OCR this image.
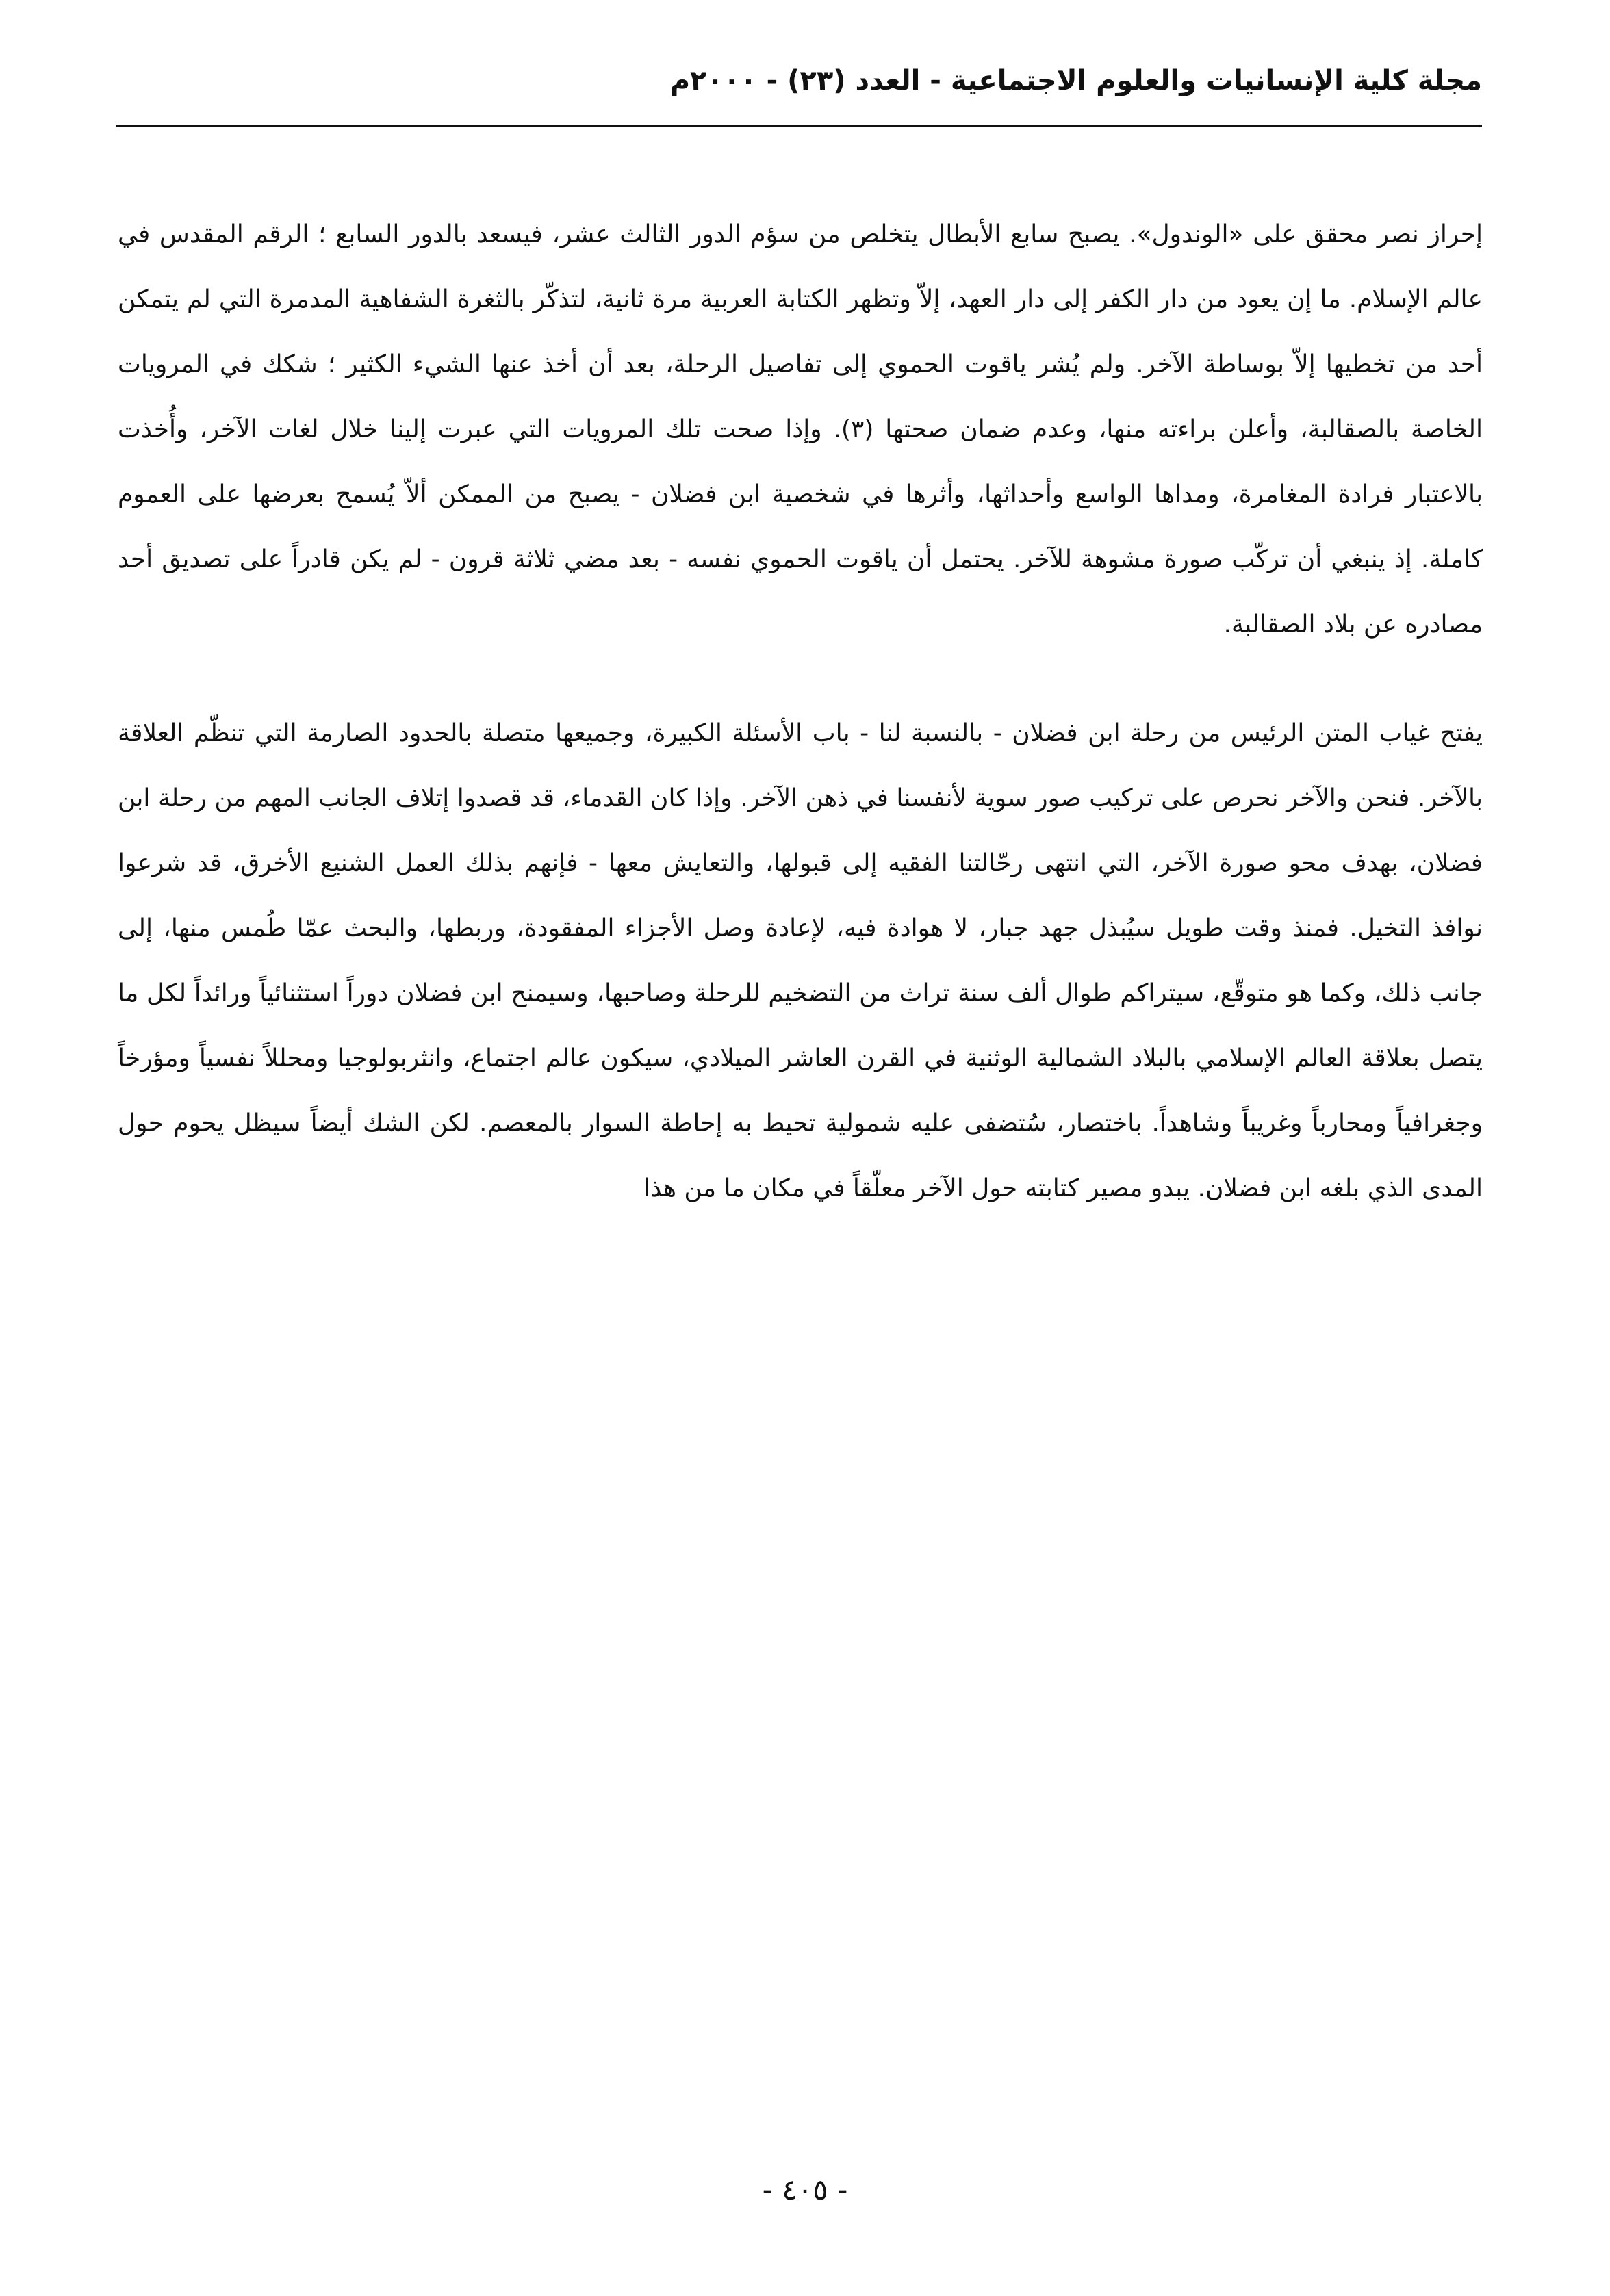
مجلة كلية الإنسانيات والعلوم الاجتماعية - العدد (٢٣) - ٢٠٠٠م

إحراز نصر محقق على «الوندول». يصبح سابع الأبطال يتخلص من سؤم الدور الثالث عشر، فيسعد بالدور السابع ؛ الرقم المقدس في عالم الإسلام. ما إن يعود من دار الكفر إلى دار العهد، إلاّ وتظهر الكتابة العربية مرة ثانية، لتذكّر بالثغرة الشفاهية المدمرة التي لم يتمكن أحد من تخطيها إلاّ بوساطة الآخر. ولم يُشر ياقوت الحموي إلى تفاصيل الرحلة، بعد أن أخذ عنها الشيء الكثير ؛ شكك في المرويات الخاصة بالصقالبة، وأعلن براءته منها، وعدم ضمان صحتها (٣). وإذا صحت تلك المرويات التي عبرت إلينا خلال لغات الآخر، وأُخذت بالاعتبار فرادة المغامرة، ومداها الواسع وأحداثها، وأثرها في شخصية ابن فضلان - يصبح من الممكن ألاّ يُسمح بعرضها على العموم كاملة. إذ ينبغي أن تركّب صورة مشوهة للآخر. يحتمل أن ياقوت الحموي نفسه - بعد مضي ثلاثة قرون - لم يكن قادراً على تصديق أحد مصادره عن بلاد الصقالبة.

يفتح غياب المتن الرئيس من رحلة ابن فضلان - بالنسبة لنا - باب الأسئلة الكبيرة، وجميعها متصلة بالحدود الصارمة التي تنظّم العلاقة بالآخر. فنحن والآخر نحرص على تركيب صور سوية لأنفسنا في ذهن الآخر. وإذا كان القدماء، قد قصدوا إتلاف الجانب المهم من رحلة ابن فضلان، بهدف محو صورة الآخر، التي انتهى رحّالتنا الفقيه إلى قبولها، والتعايش معها - فإنهم بذلك العمل الشنيع الأخرق، قد شرعوا نوافذ التخيل. فمنذ وقت طويل سيُبذل جهد جبار، لا هوادة فيه، لإعادة وصل الأجزاء المفقودة، وربطها، والبحث عمّا طُمس منها، إلى جانب ذلك، وكما هو متوقّع، سيتراكم طوال ألف سنة تراث من التضخيم للرحلة وصاحبها، وسيمنح ابن فضلان دوراً استثنائياً ورائداً لكل ما يتصل بعلاقة العالم الإسلامي بالبلاد الشمالية الوثنية في القرن العاشر الميلادي، سيكون عالم اجتماع، وانثربولوجيا ومحللاً نفسياً ومؤرخاً وجغرافياً ومحارباً وغريباً وشاهداً. باختصار، سُتضفى عليه شمولية تحيط به إحاطة السوار بالمعصم. لكن الشك أيضاً سيظل يحوم حول المدى الذي بلغه ابن فضلان. يبدو مصير كتابته حول الآخر معلّقاً في مكان ما من هذا

- ٤٠٥ -
